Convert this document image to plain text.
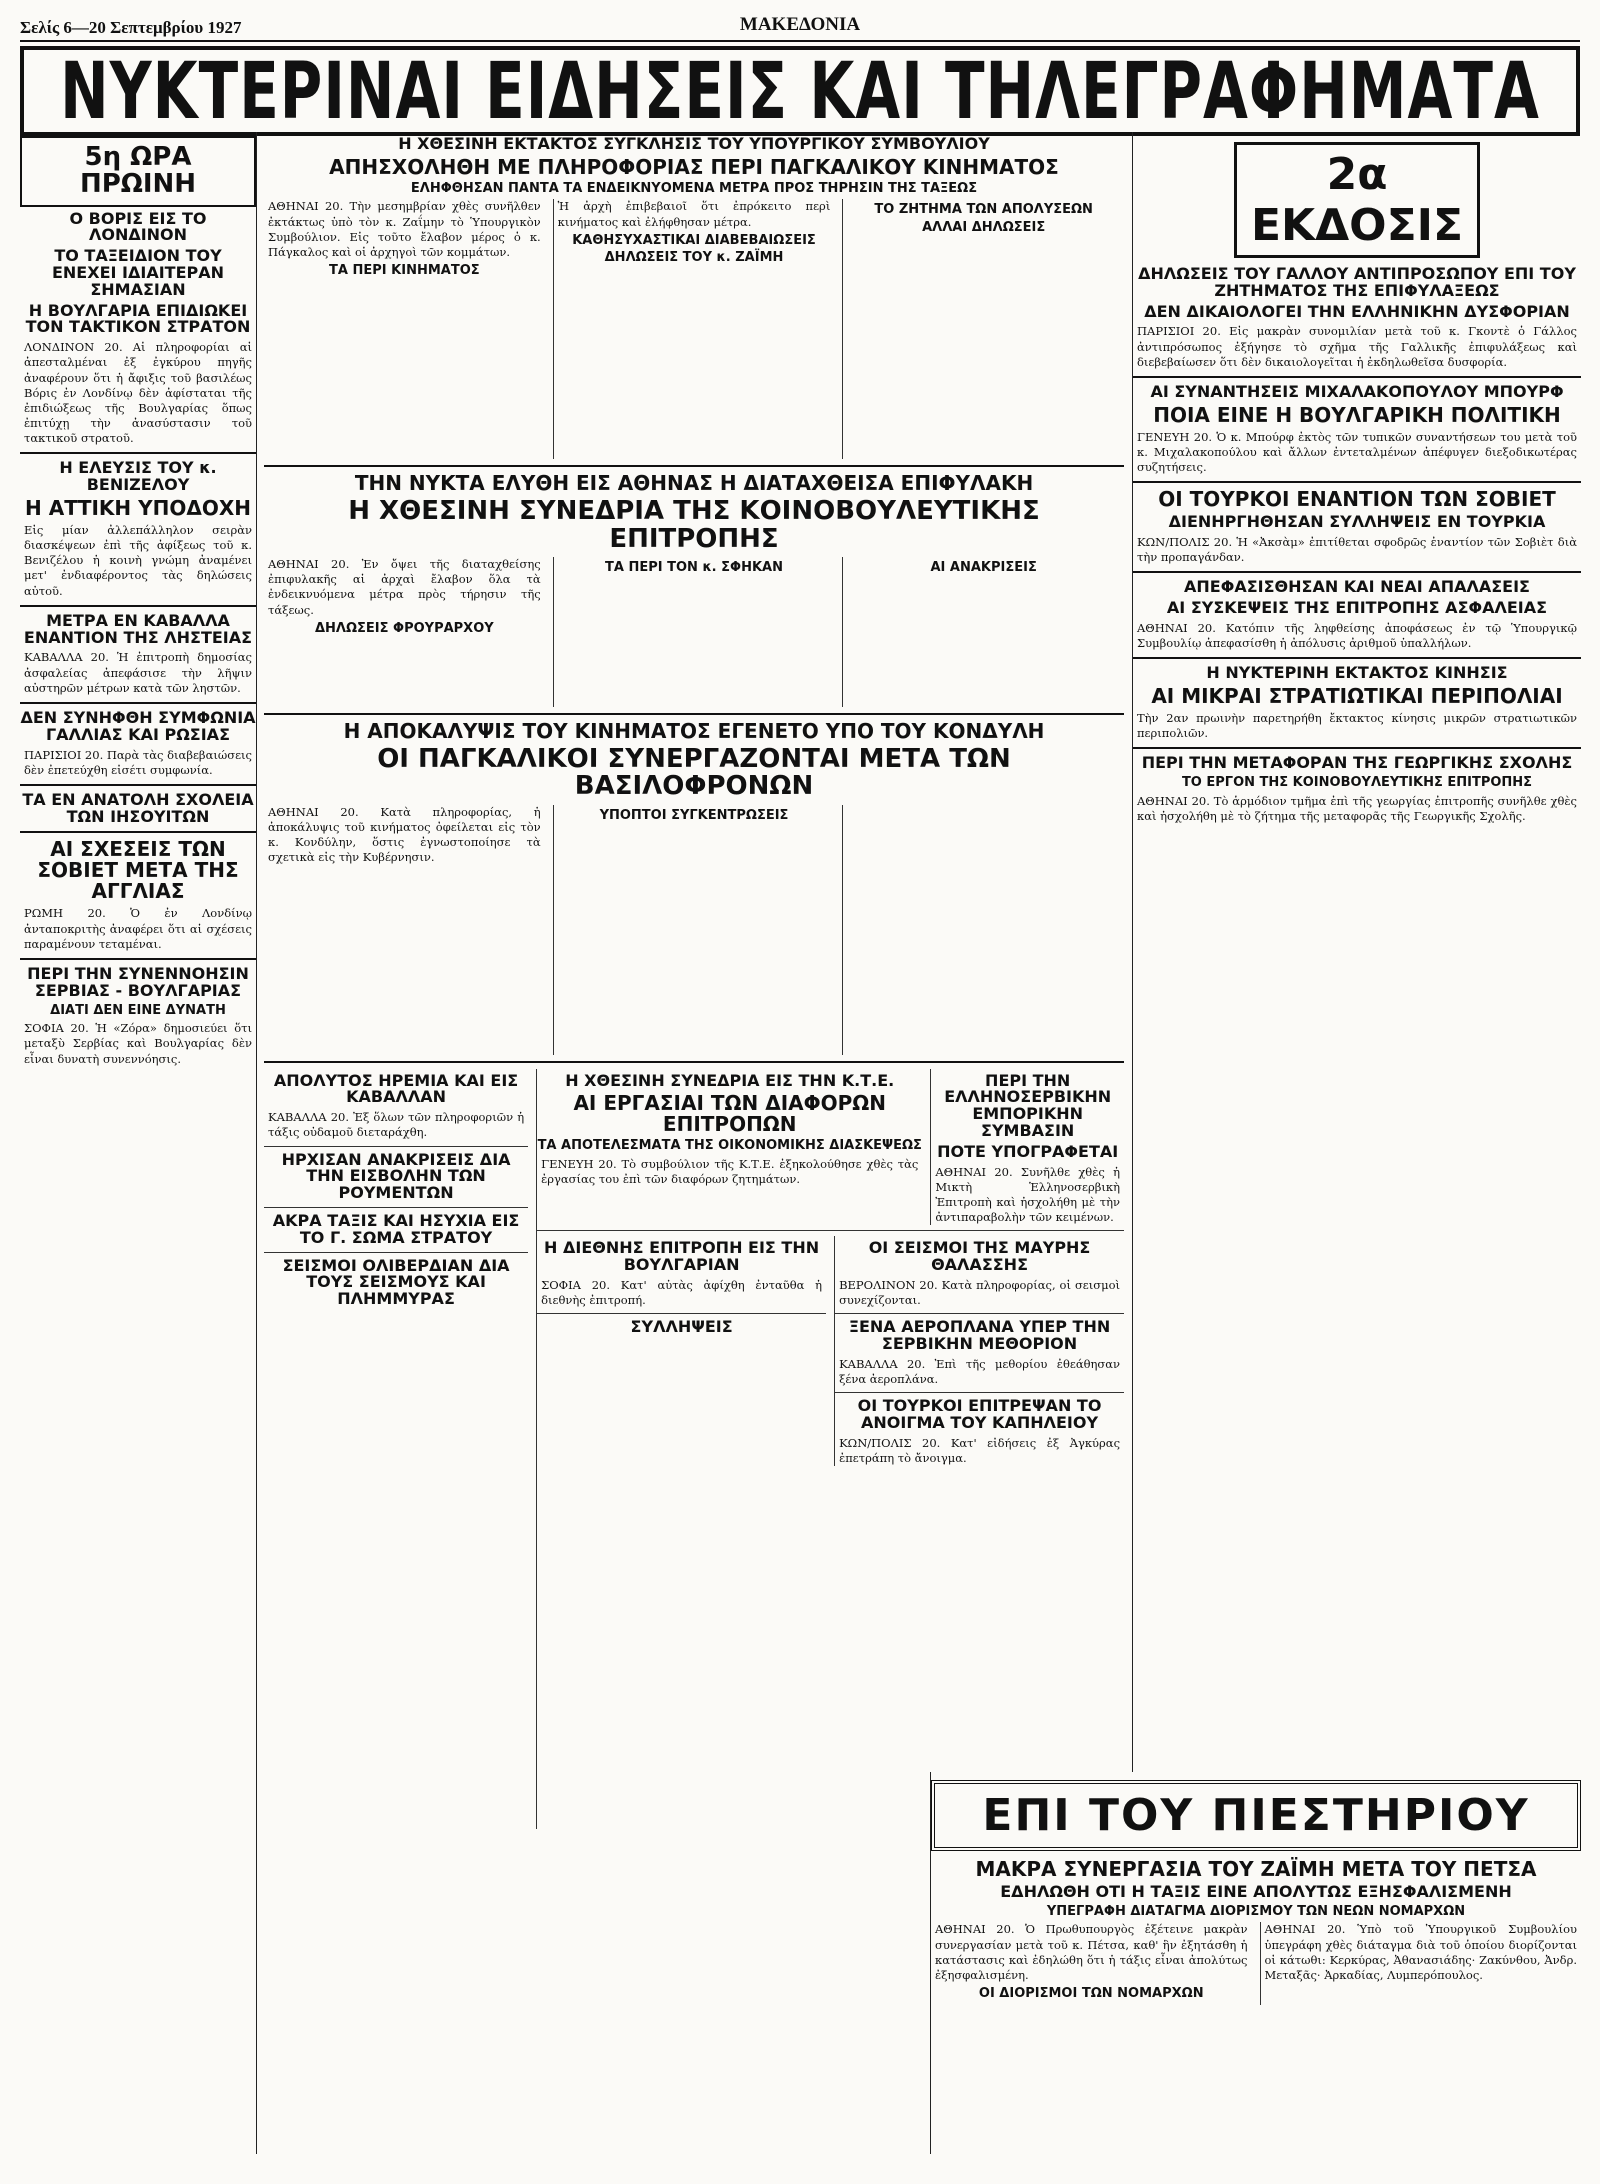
Σελίς 6—20 Σεπτεμβρίου 1927	ΜΑΚΕΔΟΝΙΑ
ΝΥΚΤΕΡΙΝΑΙ ΕΙΔΗΣΕΙΣ ΚΑΙ ΤΗΛΕΓΡΑΦΗΜΑΤΑ
5η ΩΡΑ ΠΡΩΙΝΗ
Ο ΒΟΡΙΣ ΕΙΣ ΤΟ ΛΟΝΔΙΝΟΝ
ΤΟ ΤΑΞΕΙΔΙΟΝ ΤΟΥ ΕΝΕΧΕΙ ΙΔΙΑΙΤΕΡΑΝ ΣΗΜΑΣΙΑΝ
Η ΒΟΥΛΓΑΡΙΑ ΕΠΙΔΙΩΚΕΙ ΤΟΝ ΤΑΚΤΙΚΟΝ ΣΤΡΑΤΟΝ

ΛΟΝΔΙΝΟΝ 20. Αἱ πληροφορίαι αἱ ἀπεσταλμέναι ἐξ ἐγκύρου πηγῆς ἀναφέρουν ὅτι ἡ ἄφιξις τοῦ βασιλέως Βόρις ἐν Λονδίνῳ δὲν ἀφίσταται τῆς ἐπιδιώξεως τῆς Βουλγαρίας ὅπως ἐπιτύχῃ τὴν ἀνασύστασιν τοῦ τακτικοῦ στρατοῦ.

Η ΕΛΕΥΣΙΣ ΤΟΥ κ. ΒΕΝΙΖΕΛΟΥ
Η ΑΤΤΙΚΗ ΥΠΟΔΟΧΗ

Εἰς μίαν ἀλλεπάλληλον σειρὰν διασκέψεων ἐπὶ τῆς ἀφίξεως τοῦ κ. Βενιζέλου ἡ κοινὴ γνώμη ἀναμένει μετ' ἐνδιαφέροντος τὰς δηλώσεις αὐτοῦ.

ΜΕΤΡΑ ΕΝ ΚΑΒΑΛΛΑ ΕΝΑΝΤΙΟΝ ΤΗΣ ΛΗΣΤΕΙΑΣ

ΚΑΒΑΛΛΑ 20. Ἡ ἐπιτροπὴ δημοσίας ἀσφαλείας ἀπεφάσισε τὴν λῆψιν αὐστηρῶν μέτρων κατὰ τῶν ληστῶν.

ΔΕΝ ΣΥΝΗΦΘΗ ΣΥΜΦΩΝΙΑ ΓΑΛΛΙΑΣ ΚΑΙ ΡΩΣΙΑΣ

ΠΑΡΙΣΙΟΙ 20. Παρὰ τὰς διαβεβαιώσεις δὲν ἐπετεύχθη εἰσέτι συμφωνία.

ΤΑ ΕΝ ΑΝΑΤΟΛΗ ΣΧΟΛΕΙΑ ΤΩΝ ΙΗΣΟΥΙΤΩΝ
ΑΙ ΣΧΕΣΕΙΣ ΤΩΝ ΣΟΒΙΕΤ ΜΕΤΑ ΤΗΣ ΑΓΓΛΙΑΣ

ΡΩΜΗ 20. Ὁ ἐν Λονδίνῳ ἀνταποκριτὴς ἀναφέρει ὅτι αἱ σχέσεις παραμένουν τεταμέναι.

ΠΕΡΙ ΤΗΝ ΣΥΝΕΝΝΟΗΣΙΝ ΣΕΡΒΙΑΣ - ΒΟΥΛΓΑΡΙΑΣ
ΔΙΑΤΙ ΔΕΝ ΕΙΝΕ ΔΥΝΑΤΗ

ΣΟΦΙΑ 20. Ἡ «Ζόρα» δημοσιεύει ὅτι μεταξὺ Σερβίας καὶ Βουλγαρίας δὲν εἶναι δυνατὴ συνεννόησις.

Η ΧΘΕΣΙΝΗ ΕΚΤΑΚΤΟΣ ΣΥΓΚΛΗΣΙΣ ΤΟΥ ΥΠΟΥΡΓΙΚΟΥ ΣΥΜΒΟΥΛΙΟΥ
ΑΠΗΣΧΟΛΗΘΗ ΜΕ ΠΛΗΡΟΦΟΡΙΑΣ ΠΕΡΙ ΠΑΓΚΑΛΙΚΟΥ ΚΙΝΗΜΑΤΟΣ
ΕΛΗΦΘΗΣΑΝ ΠΑΝΤΑ ΤΑ ΕΝΔΕΙΚΝΥΟΜΕΝΑ ΜΕΤΡΑ ΠΡΟΣ ΤΗΡΗΣΙΝ ΤΗΣ ΤΑΞΕΩΣ

ΑΘΗΝΑΙ 20. Τὴν μεσημβρίαν χθὲς συνῆλθεν ἐκτάκτως ὑπὸ τὸν κ. Ζαΐμην τὸ Ὑπουργικὸν Συμβούλιον. Εἰς τοῦτο ἔλαβον μέρος ὁ κ. Πάγκαλος καὶ οἱ ἀρχηγοὶ τῶν κομμάτων.

ΤΑ ΠΕΡΙ ΚΙΝΗΜΑΤΟΣ

Ἡ ἀρχὴ ἐπιβεβαιοῖ ὅτι ἐπρόκειτο περὶ κινήματος καὶ ἐλήφθησαν μέτρα.

ΚΑΘΗΣΥΧΑΣΤΙΚΑΙ ΔΙΑΒΕΒΑΙΩΣΕΙΣ
ΔΗΛΩΣΕΙΣ ΤΟΥ κ. ΖΑΪΜΗ
ΤΟ ΖΗΤΗΜΑ ΤΩΝ ΑΠΟΛΥΣΕΩΝ
ΑΛΛΑΙ ΔΗΛΩΣΕΙΣ
ΤΗΝ ΝΥΚΤΑ ΕΛΥΘΗ ΕΙΣ ΑΘΗΝΑΣ Η ΔΙΑΤΑΧΘΕΙΣΑ ΕΠΙΦΥΛΑΚΗ
Η ΧΘΕΣΙΝΗ ΣΥΝΕΔΡΙΑ ΤΗΣ ΚΟΙΝΟΒΟΥΛΕΥΤΙΚΗΣ ΕΠΙΤΡΟΠΗΣ

ΑΘΗΝΑΙ 20. Ἐν ὄψει τῆς διαταχθείσης ἐπιφυλακῆς αἱ ἀρχαὶ ἔλαβον ὅλα τὰ ἐνδεικνυόμενα μέτρα πρὸς τήρησιν τῆς τάξεως.

ΔΗΛΩΣΕΙΣ ΦΡΟΥΡΑΡΧΟΥ
ΤΑ ΠΕΡΙ ΤΟΝ κ. ΣΦΗΚΑΝ	ΑΙ ΑΝΑΚΡΙΣΕΙΣ
Η ΑΠΟΚΑΛΥΨΙΣ ΤΟΥ ΚΙΝΗΜΑΤΟΣ ΕΓΕΝΕΤΟ ΥΠΟ ΤΟΥ ΚΟΝΔΥΛΗ
ΟΙ ΠΑΓΚΑΛΙΚΟΙ ΣΥΝΕΡΓΑΖΟΝΤΑΙ ΜΕΤΑ ΤΩΝ ΒΑΣΙΛΟΦΡΟΝΩΝ

ΑΘΗΝΑΙ 20. Κατὰ πληροφορίας, ἡ ἀποκάλυψις τοῦ κινήματος ὀφείλεται εἰς τὸν κ. Κονδύλην, ὅστις ἐγνωστοποίησε τὰ σχετικὰ εἰς τὴν Κυβέρνησιν.

ΥΠΟΠΤΟΙ ΣΥΓΚΕΝΤΡΩΣΕΙΣ
ΑΠΟΛΥΤΟΣ ΗΡΕΜΙΑ ΚΑΙ ΕΙΣ ΚΑΒΑΛΛΑΝ

ΚΑΒΑΛΛΑ 20. Ἐξ ὅλων τῶν πληροφοριῶν ἡ τάξις οὐδαμοῦ διεταράχθη.

ΗΡΧΙΣΑΝ ΑΝΑΚΡΙΣΕΙΣ ΔΙΑ ΤΗΝ ΕΙΣΒΟΛΗΝ ΤΩΝ ΡΟΥΜΕΝΤΩΝ
ΑΚΡΑ ΤΑΞΙΣ ΚΑΙ ΗΣΥΧΙΑ ΕΙΣ ΤΟ Γ. ΣΩΜΑ ΣΤΡΑΤΟΥ
ΣΕΙΣΜΟΙ ΟΛΙΒΕΡΔΙΑΝ ΔΙΑ ΤΟΥΣ ΣΕΙΣΜΟΥΣ ΚΑΙ ΠΛΗΜΜΥΡΑΣ
Η ΧΘΕΣΙΝΗ ΣΥΝΕΔΡΙΑ ΕΙΣ ΤΗΝ Κ.Τ.Ε.
ΑΙ ΕΡΓΑΣΙΑΙ ΤΩΝ ΔΙΑΦΟΡΩΝ ΕΠΙΤΡΟΠΩΝ
ΤΑ ΑΠΟΤΕΛΕΣΜΑΤΑ ΤΗΣ ΟΙΚΟΝΟΜΙΚΗΣ ΔΙΑΣΚΕΨΕΩΣ

ΓΕΝΕΥΗ 20. Τὸ συμβούλιον τῆς Κ.Τ.Ε. ἐξηκολούθησε χθὲς τὰς ἐργασίας του ἐπὶ τῶν διαφόρων ζητημάτων.

ΠΕΡΙ ΤΗΝ ΕΛΛΗΝΟΣΕΡΒΙΚΗΝ ΕΜΠΟΡΙΚΗΝ ΣΥΜΒΑΣΙΝ
ΠΟΤΕ ΥΠΟΓΡΑΦΕΤΑΙ

ΑΘΗΝΑΙ 20. Συνῆλθε χθὲς ἡ Μικτὴ Ἑλληνοσερβικὴ Ἐπιτροπὴ καὶ ἠσχολήθη μὲ τὴν ἀντιπαραβολὴν τῶν κειμένων.

Η ΔΙΕΘΝΗΣ ΕΠΙΤΡΟΠΗ ΕΙΣ ΤΗΝ ΒΟΥΛΓΑΡΙΑΝ

ΣΟΦΙΑ 20. Κατ' αὐτὰς ἀφίχθη ἐνταῦθα ἡ διεθνὴς ἐπιτροπή.

ΣΥΛΛΗΨΕΙΣ
ΟΙ ΣΕΙΣΜΟΙ ΤΗΣ ΜΑΥΡΗΣ ΘΑΛΑΣΣΗΣ

ΒΕΡΟΛΙΝΟΝ 20. Κατὰ πληροφορίας, οἱ σεισμοὶ συνεχίζονται.

ΞΕΝΑ ΑΕΡΟΠΛΑΝΑ ΥΠΕΡ ΤΗΝ ΣΕΡΒΙΚΗΝ ΜΕΘΟΡΙΟΝ

ΚΑΒΑΛΛΑ 20. Ἐπὶ τῆς μεθορίου ἐθεάθησαν ξένα ἀεροπλάνα.

ΟΙ ΤΟΥΡΚΟΙ ΕΠΙΤΡΕΨΑΝ ΤΟ ΑΝΟΙΓΜΑ ΤΟΥ ΚΑΠΗΛΕΙΟΥ

ΚΩΝ/ΠΟΛΙΣ 20. Κατ' εἰδήσεις ἐξ Ἀγκύρας ἐπετράπη τὸ ἄνοιγμα.

2α ΕΚΔΟΣΙΣ
ΔΗΛΩΣΕΙΣ ΤΟΥ ΓΑΛΛΟΥ ΑΝΤΙΠΡΟΣΩΠΟΥ ΕΠΙ ΤΟΥ ΖΗΤΗΜΑΤΟΣ ΤΗΣ ΕΠΙΦΥΛΑΞΕΩΣ
ΔΕΝ ΔΙΚΑΙΟΛΟΓΕΙ ΤΗΝ ΕΛΛΗΝΙΚΗΝ ΔΥΣΦΟΡΙΑΝ

ΠΑΡΙΣΙΟΙ 20. Εἰς μακρὰν συνομιλίαν μετὰ τοῦ κ. Γκοντὲ ὁ Γάλλος ἀντιπρόσωπος ἐξήγησε τὸ σχῆμα τῆς Γαλλικῆς ἐπιφυλάξεως καὶ διεβεβαίωσεν ὅτι δὲν δικαιολογεῖται ἡ ἐκδηλωθεῖσα δυσφορία.

ΑΙ ΣΥΝΑΝΤΗΣΕΙΣ ΜΙΧΑΛΑΚΟΠΟΥΛΟΥ ΜΠΟΥΡΦ
ΠΟΙΑ ΕΙΝΕ Η ΒΟΥΛΓΑΡΙΚΗ ΠΟΛΙΤΙΚΗ

ΓΕΝΕΥΗ 20. Ὁ κ. Μπούρφ ἐκτὸς τῶν τυπικῶν συναντήσεων του μετὰ τοῦ κ. Μιχαλακοπούλου καὶ ἄλλων ἐντεταλμένων ἀπέφυγεν διεξοδικωτέρας συζητήσεις.

ΟΙ ΤΟΥΡΚΟΙ ΕΝΑΝΤΙΟΝ ΤΩΝ ΣΟΒΙΕΤ
ΔΙΕΝΗΡΓΗΘΗΣΑΝ ΣΥΛΛΗΨΕΙΣ ΕΝ ΤΟΥΡΚΙΑ

ΚΩΝ/ΠΟΛΙΣ 20. Ἡ «Ἀκσὰμ» ἐπιτίθεται σφοδρῶς ἐναντίον τῶν Σοβιὲτ διὰ τὴν προπαγάνδαν.

ΑΠΕΦΑΣΙΣΘΗΣΑΝ ΚΑΙ ΝΕΑΙ ΑΠΑΛΑΣΕΙΣ
ΑΙ ΣΥΣΚΕΨΕΙΣ ΤΗΣ ΕΠΙΤΡΟΠΗΣ ΑΣΦΑΛΕΙΑΣ

ΑΘΗΝΑΙ 20. Κατόπιν τῆς ληφθείσης ἀποφάσεως ἐν τῷ Ὑπουργικῷ Συμβουλίῳ ἀπεφασίσθη ἡ ἀπόλυσις ἀριθμοῦ ὑπαλλήλων.

Η ΝΥΚΤΕΡΙΝΗ ΕΚΤΑΚΤΟΣ ΚΙΝΗΣΙΣ
ΑΙ ΜΙΚΡΑΙ ΣΤΡΑΤΙΩΤΙΚΑΙ ΠΕΡΙΠΟΛΙΑΙ

Τὴν 2αν πρωινὴν παρετηρήθη ἔκτακτος κίνησις μικρῶν στρατιωτικῶν περιπολιῶν.

ΠΕΡΙ ΤΗΝ ΜΕΤΑΦΟΡΑΝ ΤΗΣ ΓΕΩΡΓΙΚΗΣ ΣΧΟΛΗΣ
ΤΟ ΕΡΓΟΝ ΤΗΣ ΚΟΙΝΟΒΟΥΛΕΥΤΙΚΗΣ ΕΠΙΤΡΟΠΗΣ

ΑΘΗΝΑΙ 20. Τὸ ἁρμόδιον τμῆμα ἐπὶ τῆς γεωργίας ἐπιτροπῆς συνῆλθε χθὲς καὶ ἠσχολήθη μὲ τὸ ζήτημα τῆς μεταφορᾶς τῆς Γεωργικῆς Σχολῆς.

ΕΠΙ ΤΟΥ ΠΙΕΣΤΗΡΙΟΥ
ΜΑΚΡΑ ΣΥΝΕΡΓΑΣΙΑ ΤΟΥ ΖΑΪΜΗ ΜΕΤΑ ΤΟΥ ΠΕΤΣΑ
ΕΔΗΛΩΘΗ ΟΤΙ Η ΤΑΞΙΣ ΕΙΝΕ ΑΠΟΛΥΤΩΣ ΕΞΗΣΦΑΛΙΣΜΕΝΗ
ΥΠΕΓΡΑΦΗ ΔΙΑΤΑΓΜΑ ΔΙΟΡΙΣΜΟΥ ΤΩΝ ΝΕΩΝ ΝΟΜΑΡΧΩΝ

ΑΘΗΝΑΙ 20. Ὁ Πρωθυπουργὸς ἐξέτεινε μακρὰν συνεργασίαν μετὰ τοῦ κ. Πέτσα, καθ' ἣν ἐξητάσθη ἡ κατάστασις καὶ ἐδηλώθη ὅτι ἡ τάξις εἶναι ἀπολύτως ἐξησφαλισμένη.

ΟΙ ΔΙΟΡΙΣΜΟΙ ΤΩΝ ΝΟΜΑΡΧΩΝ

ΑΘΗΝΑΙ 20. Ὑπὸ τοῦ Ὑπουργικοῦ Συμβουλίου ὑπεγράφη χθὲς διάταγμα διὰ τοῦ ὁποίου διορίζονται οἱ κάτωθι: Κερκύρας, Ἀθανασιάδης· Ζακύνθου, Ἀνδρ. Μεταξᾶς· Ἀρκαδίας, Λυμπερόπουλος.
